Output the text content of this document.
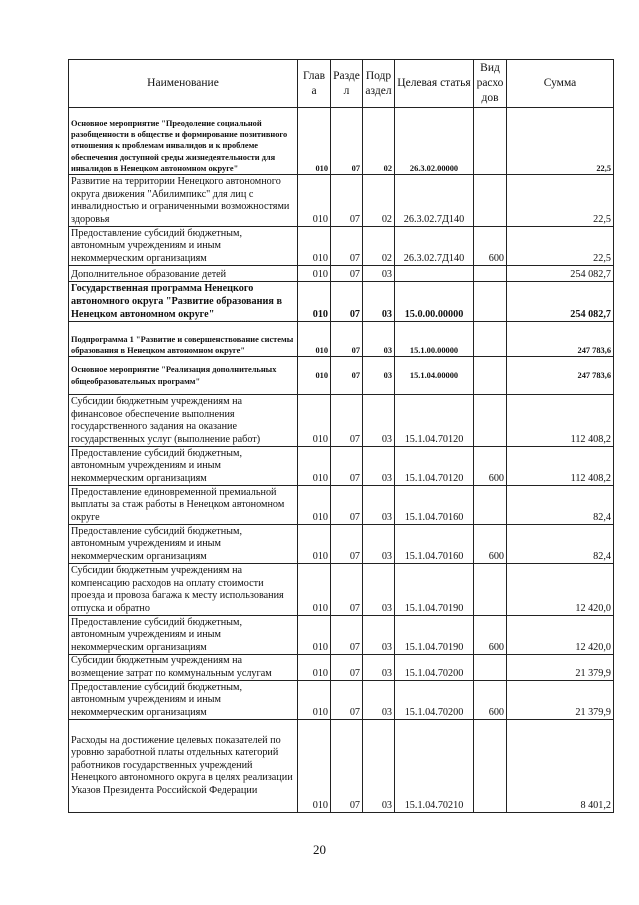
Наименование	Глав а	Разде л	Подр аздел	Целевая статья	Вид расхо дов	Сумма
Основное мероприятие "Преодоление социальной разобщенности в обществе и формирование позитивного отношения к проблемам инвалидов и к проблеме обеспечения доступной среды жизнедеятельности для инвалидов в Ненецком автономном округе"	010	07	02	26.3.02.00000		22,5
Развитие на территории Ненецкого автономного округа движения "Абилимпикс" для лиц с инвалидностью и ограниченными возможностями здоровья	010	07	02	26.3.02.7Д140		22,5
Предоставление субсидий бюджетным, автономным учреждениям и иным некоммерческим организациям	010	07	02	26.3.02.7Д140	600	22,5
Дополнительное образование детей	010	07	03			254 082,7
Государственная программа Ненецкого автономного округа "Развитие образования в Ненецком автономном округе"	010	07	03	15.0.00.00000		254 082,7
Подпрограмма 1 "Развитие и совершенствование системы образования в Ненецком автономном округе"	010	07	03	15.1.00.00000		247 783,6
Основное мероприятие "Реализация дополнительных общеобразовательных программ"	010	07	03	15.1.04.00000		247 783,6
Субсидии бюджетным учреждениям на финансовое обеспечение выполнения государственного задания на оказание государственных услуг (выполнение работ)	010	07	03	15.1.04.70120		112 408,2
Предоставление субсидий бюджетным, автономным учреждениям и иным некоммерческим организациям	010	07	03	15.1.04.70120	600	112 408,2
Предоставление единовременной премиальной выплаты за стаж работы в Ненецком автономном округе	010	07	03	15.1.04.70160		82,4
Предоставление субсидий бюджетным, автономным учреждениям и иным некоммерческим организациям	010	07	03	15.1.04.70160	600	82,4
Субсидии бюджетным учреждениям на компенсацию расходов на оплату стоимости проезда и провоза багажа к месту использования отпуска и обратно	010	07	03	15.1.04.70190		12 420,0
Предоставление субсидий бюджетным, автономным учреждениям и иным некоммерческим организациям	010	07	03	15.1.04.70190	600	12 420,0
Субсидии бюджетным учреждениям на возмещение затрат по коммунальным услугам	010	07	03	15.1.04.70200		21 379,9
Предоставление субсидий бюджетным, автономным учреждениям и иным некоммерческим организациям	010	07	03	15.1.04.70200	600	21 379,9
Расходы на достижение целевых показателей по уровню заработной платы отдельных категорий работников государственных учреждений Ненецкого автономного округа в целях реализации Указов Президента Российской Федерации	010	07	03	15.1.04.70210		8 401,2
20
